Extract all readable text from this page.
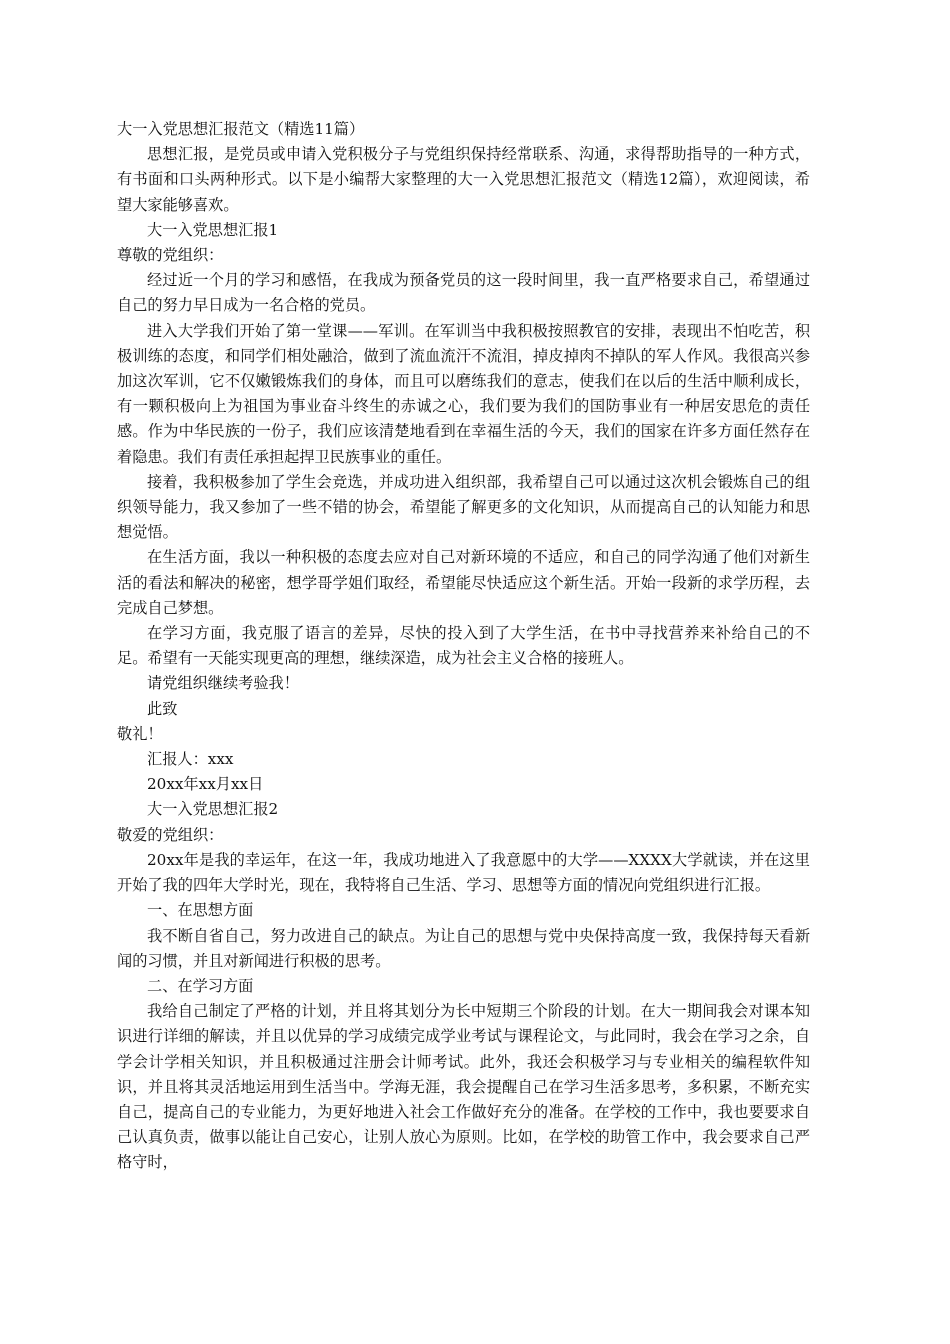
大一入党思想汇报范文（精选11篇）

思想汇报，是党员或申请入党积极分子与党组织保持经常联系、沟通，求得帮助指导的一种方式，有书面和口头两种形式。以下是小编帮大家整理的大一入党思想汇报范文（精选12篇），欢迎阅读，希望大家能够喜欢。

大一入党思想汇报1

尊敬的党组织：

经过近一个月的学习和感悟，在我成为预备党员的这一段时间里，我一直严格要求自己，希望通过自己的努力早日成为一名合格的党员。

进入大学我们开始了第一堂课——军训。在军训当中我积极按照教官的安排，表现出不怕吃苦，积极训练的态度，和同学们相处融洽，做到了流血流汗不流泪，掉皮掉肉不掉队的军人作风。我很高兴参加这次军训，它不仅嫩锻炼我们的身体，而且可以磨练我们的意志，使我们在以后的生活中顺利成长，有一颗积极向上为祖国为事业奋斗终生的赤诚之心，我们要为我们的国防事业有一种居安思危的责任感。作为中华民族的一份子，我们应该清楚地看到在幸福生活的今天，我们的国家在许多方面任然存在着隐患。我们有责任承担起捍卫民族事业的重任。

接着，我积极参加了学生会竞选，并成功进入组织部，我希望自己可以通过这次机会锻炼自己的组织领导能力，我又参加了一些不错的协会，希望能了解更多的文化知识，从而提高自己的认知能力和思想觉悟。

在生活方面，我以一种积极的态度去应对自己对新环境的不适应，和自己的同学沟通了他们对新生活的看法和解决的秘密，想学哥学姐们取经，希望能尽快适应这个新生活。开始一段新的求学历程，去完成自己梦想。

在学习方面，我克服了语言的差异，尽快的投入到了大学生活，在书中寻找营养来补给自己的不足。希望有一天能实现更高的理想，继续深造，成为社会主义合格的接班人。

请党组织继续考验我！

此致

敬礼！

汇报人：xxx

20xx年xx月xx日

大一入党思想汇报2

敬爱的党组织：

20xx年是我的幸运年，在这一年，我成功地进入了我意愿中的大学——XXXX大学就读，并在这里开始了我的四年大学时光，现在，我特将自己生活、学习、思想等方面的情况向党组织进行汇报。

一、在思想方面

我不断自省自己，努力改进自己的缺点。为让自己的思想与党中央保持高度一致，我保持每天看新闻的习惯，并且对新闻进行积极的思考。

二、在学习方面

我给自己制定了严格的计划，并且将其划分为长中短期三个阶段的计划。在大一期间我会对课本知识进行详细的解读，并且以优异的学习成绩完成学业考试与课程论文，与此同时，我会在学习之余，自学会计学相关知识，并且积极通过注册会计师考试。此外，我还会积极学习与专业相关的编程软件知识，并且将其灵活地运用到生活当中。学海无涯，我会提醒自己在学习生活多思考，多积累，不断充实自己，提高自己的专业能力，为更好地进入社会工作做好充分的准备。在学校的工作中，我也要要求自己认真负责，做事以能让自己安心，让别人放心为原则。比如，在学校的助管工作中，我会要求自己严格守时，
